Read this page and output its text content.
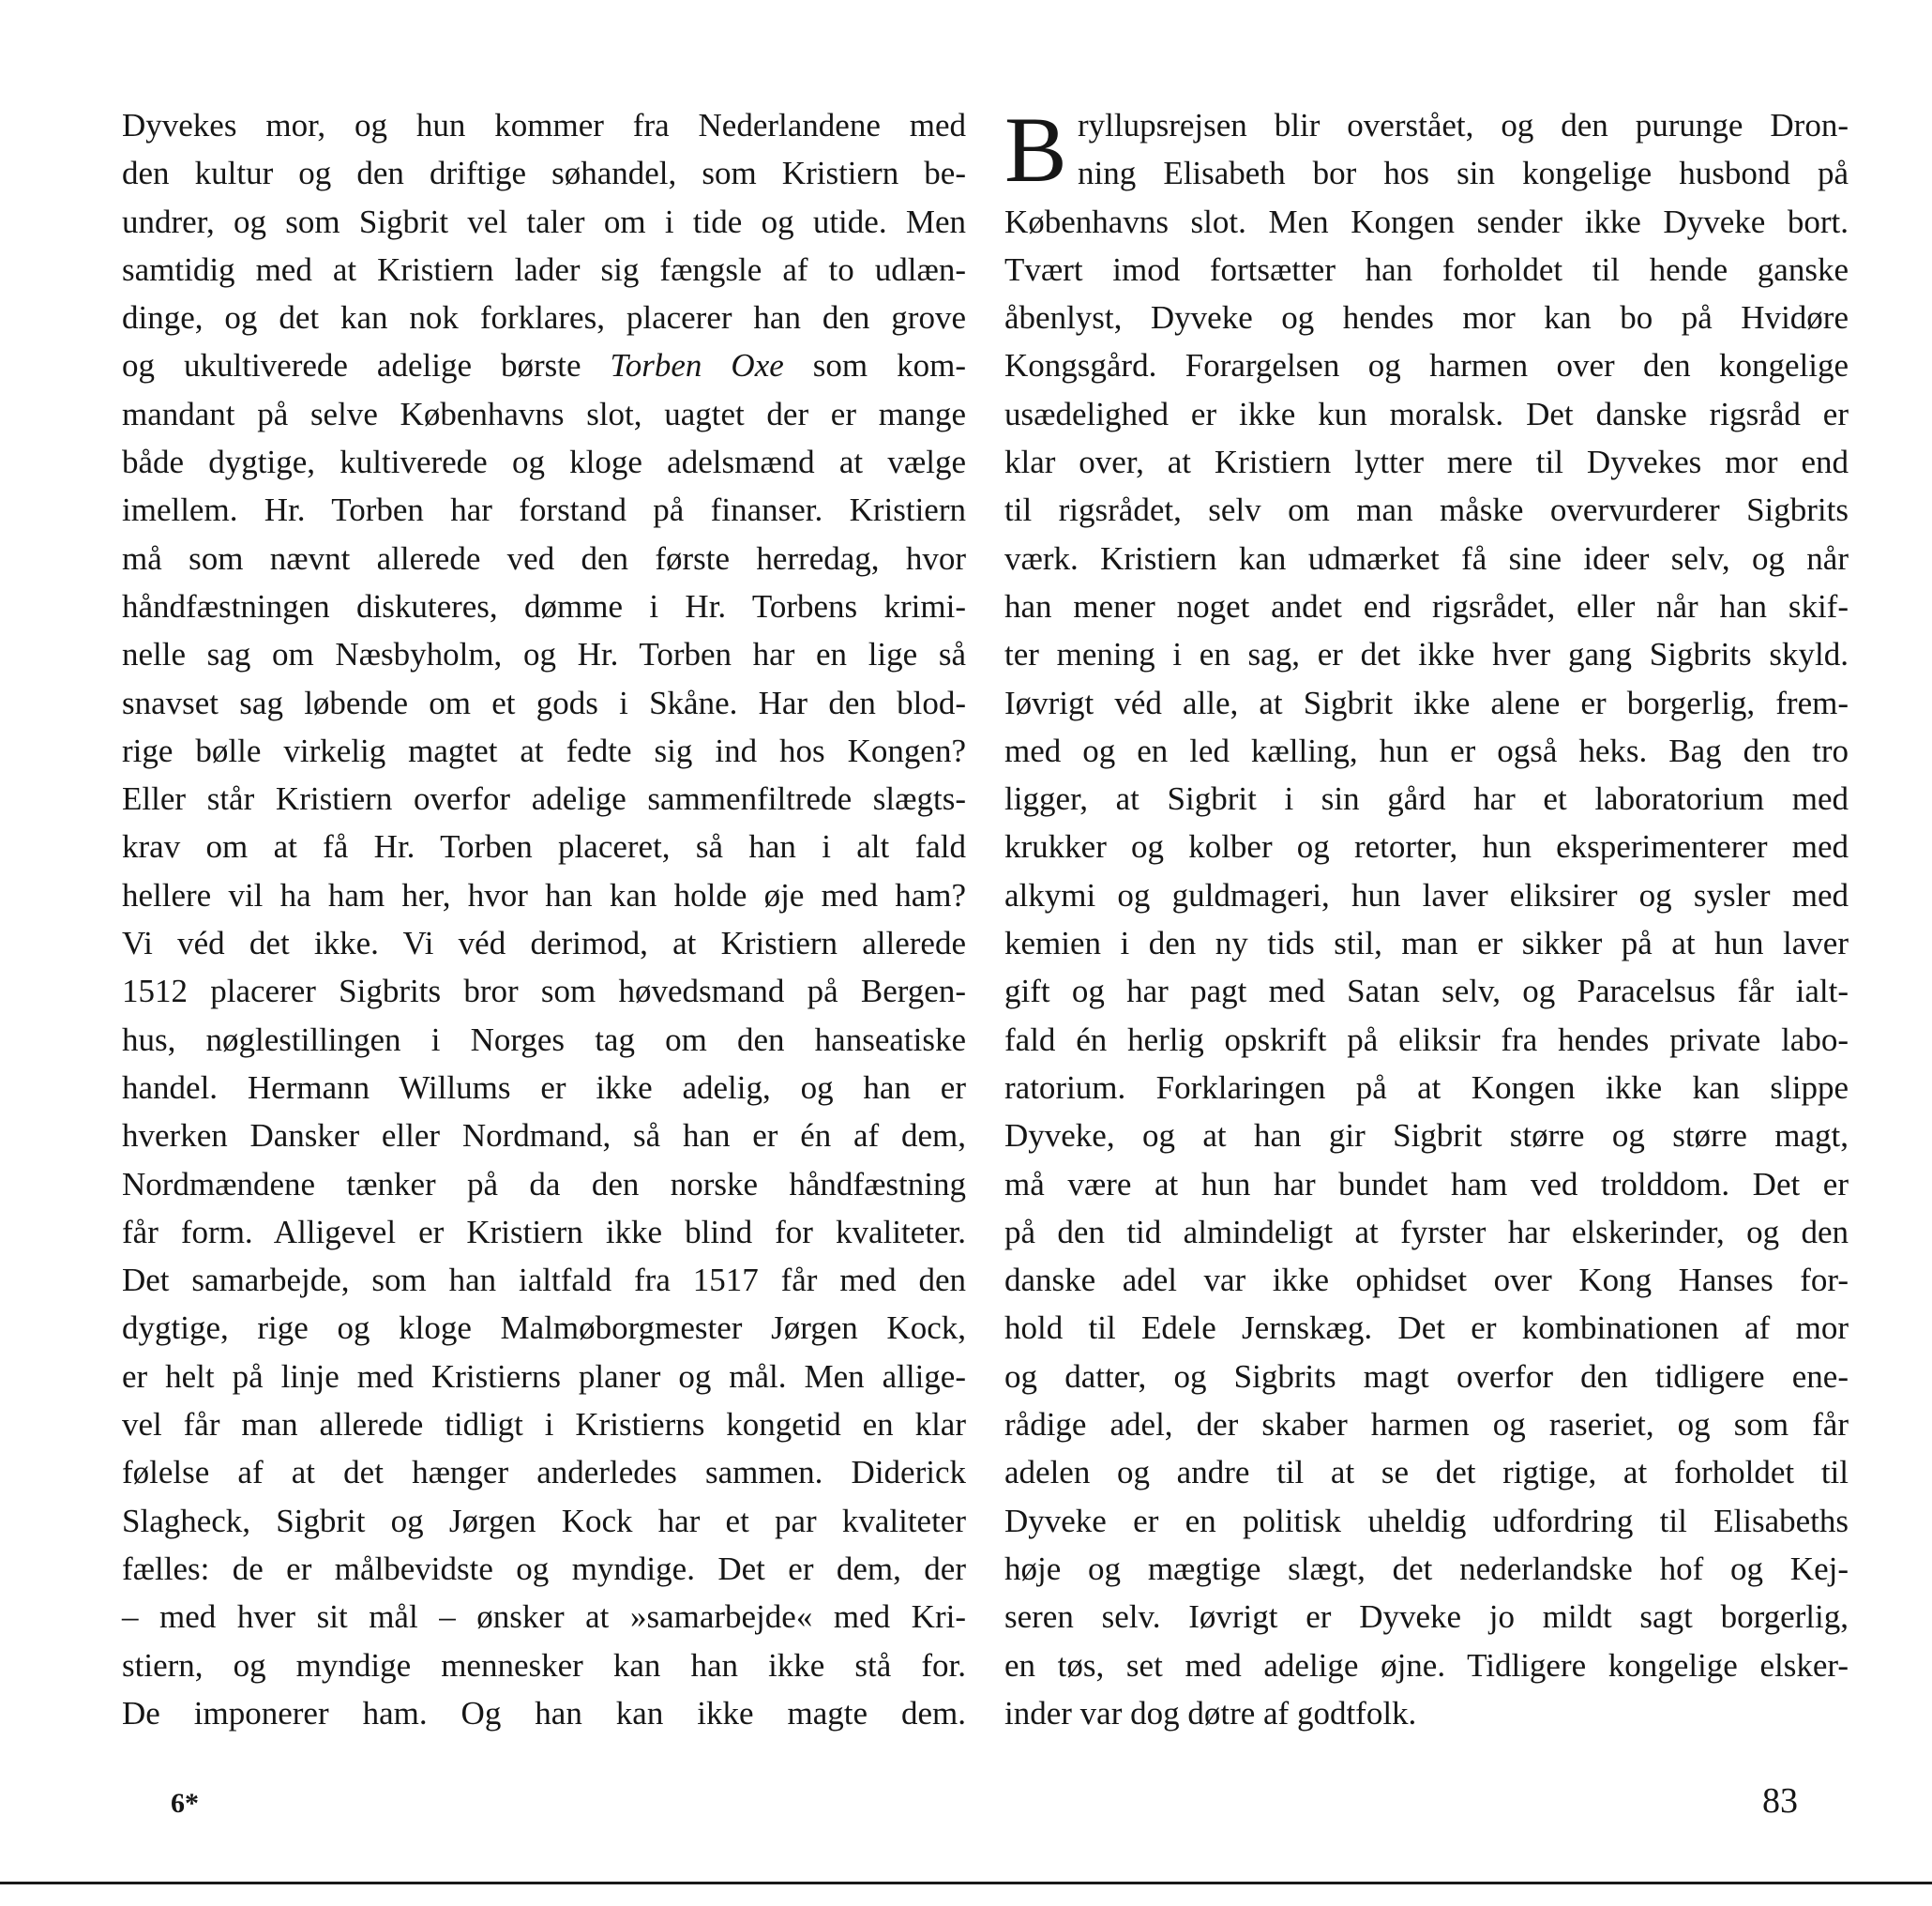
Dyvekes mor, og hun kommer fra Nederlandene med
den kultur og den driftige søhandel, som Kristiern be-
undrer, og som Sigbrit vel taler om i tide og utide. Men
samtidig med at Kristiern lader sig fængsle af to udlæn-
dinge, og det kan nok forklares, placerer han den grove
og ukultiverede adelige børste Torben Oxe som kom-
mandant på selve Københavns slot, uagtet der er mange
både dygtige, kultiverede og kloge adelsmænd at vælge
imellem. Hr. Torben har forstand på finanser. Kristiern
må som nævnt allerede ved den første herredag, hvor
håndfæstningen diskuteres, dømme i Hr. Torbens krimi-
nelle sag om Næsbyholm, og Hr. Torben har en lige så
snavset sag løbende om et gods i Skåne. Har den blod-
rige bølle virkelig magtet at fedte sig ind hos Kongen?
Eller står Kristiern overfor adelige sammenfiltrede slægts-
krav om at få Hr. Torben placeret, så han i alt fald
hellere vil ha ham her, hvor han kan holde øje med ham?
Vi véd det ikke. Vi véd derimod, at Kristiern allerede
1512 placerer Sigbrits bror som høvedsmand på Bergen-
hus, nøglestillingen i Norges tag om den hanseatiske
handel. Hermann Willums er ikke adelig, og han er
hverken Dansker eller Nordmand, så han er én af dem,
Nordmændene tænker på da den norske håndfæstning
får form. Alligevel er Kristiern ikke blind for kvaliteter.
Det samarbejde, som han ialtfald fra 1517 får med den
dygtige, rige og kloge Malmøborgmester Jørgen Kock,
er helt på linje med Kristierns planer og mål. Men allige-
vel får man allerede tidligt i Kristierns kongetid en klar
følelse af at det hænger anderledes sammen. Diderick
Slagheck, Sigbrit og Jørgen Kock har et par kvaliteter
fælles: de er målbevidste og myndige. Det er dem, der
– med hver sit mål – ønsker at »samarbejde« med Kri-
stiern, og myndige mennesker kan han ikke stå for.
De imponerer ham. Og han kan ikke magte dem.
B ryllupsrejsen blir overstået, og den purunge Dron-
ning Elisabeth bor hos sin kongelige husbond på
Københavns slot. Men Kongen sender ikke Dyveke bort.
Tvært imod fortsætter han forholdet til hende ganske
åbenlyst, Dyveke og hendes mor kan bo på Hvidøre
Kongsgård. Forargelsen og harmen over den kongelige
usædelighed er ikke kun moralsk. Det danske rigsråd er
klar over, at Kristiern lytter mere til Dyvekes mor end
til rigsrådet, selv om man måske overvurderer Sigbrits
værk. Kristiern kan udmærket få sine ideer selv, og når
han mener noget andet end rigsrådet, eller når han skif-
ter mening i en sag, er det ikke hver gang Sigbrits skyld.
Iøvrigt véd alle, at Sigbrit ikke alene er borgerlig, frem-
med og en led kælling, hun er også heks. Bag den tro
ligger, at Sigbrit i sin gård har et laboratorium med
krukker og kolber og retorter, hun eksperimenterer med
alkymi og guldmageri, hun laver eliksirer og sysler med
kemien i den ny tids stil, man er sikker på at hun laver
gift og har pagt med Satan selv, og Paracelsus får ialt-
fald én herlig opskrift på eliksir fra hendes private labo-
ratorium. Forklaringen på at Kongen ikke kan slippe
Dyveke, og at han gir Sigbrit større og større magt,
må være at hun har bundet ham ved trolddom. Det er
på den tid almindeligt at fyrster har elskerinder, og den
danske adel var ikke ophidset over Kong Hanses for-
hold til Edele Jernskæg. Det er kombinationen af mor
og datter, og Sigbrits magt overfor den tidligere ene-
rådige adel, der skaber harmen og raseriet, og som får
adelen og andre til at se det rigtige, at forholdet til
Dyveke er en politisk uheldig udfordring til Elisabeths
høje og mægtige slægt, det nederlandske hof og Kej-
seren selv. Iøvrigt er Dyveke jo mildt sagt borgerlig,
en tøs, set med adelige øjne. Tidligere kongelige elsker-
inder var dog døtre af godtfolk.
6*	83
